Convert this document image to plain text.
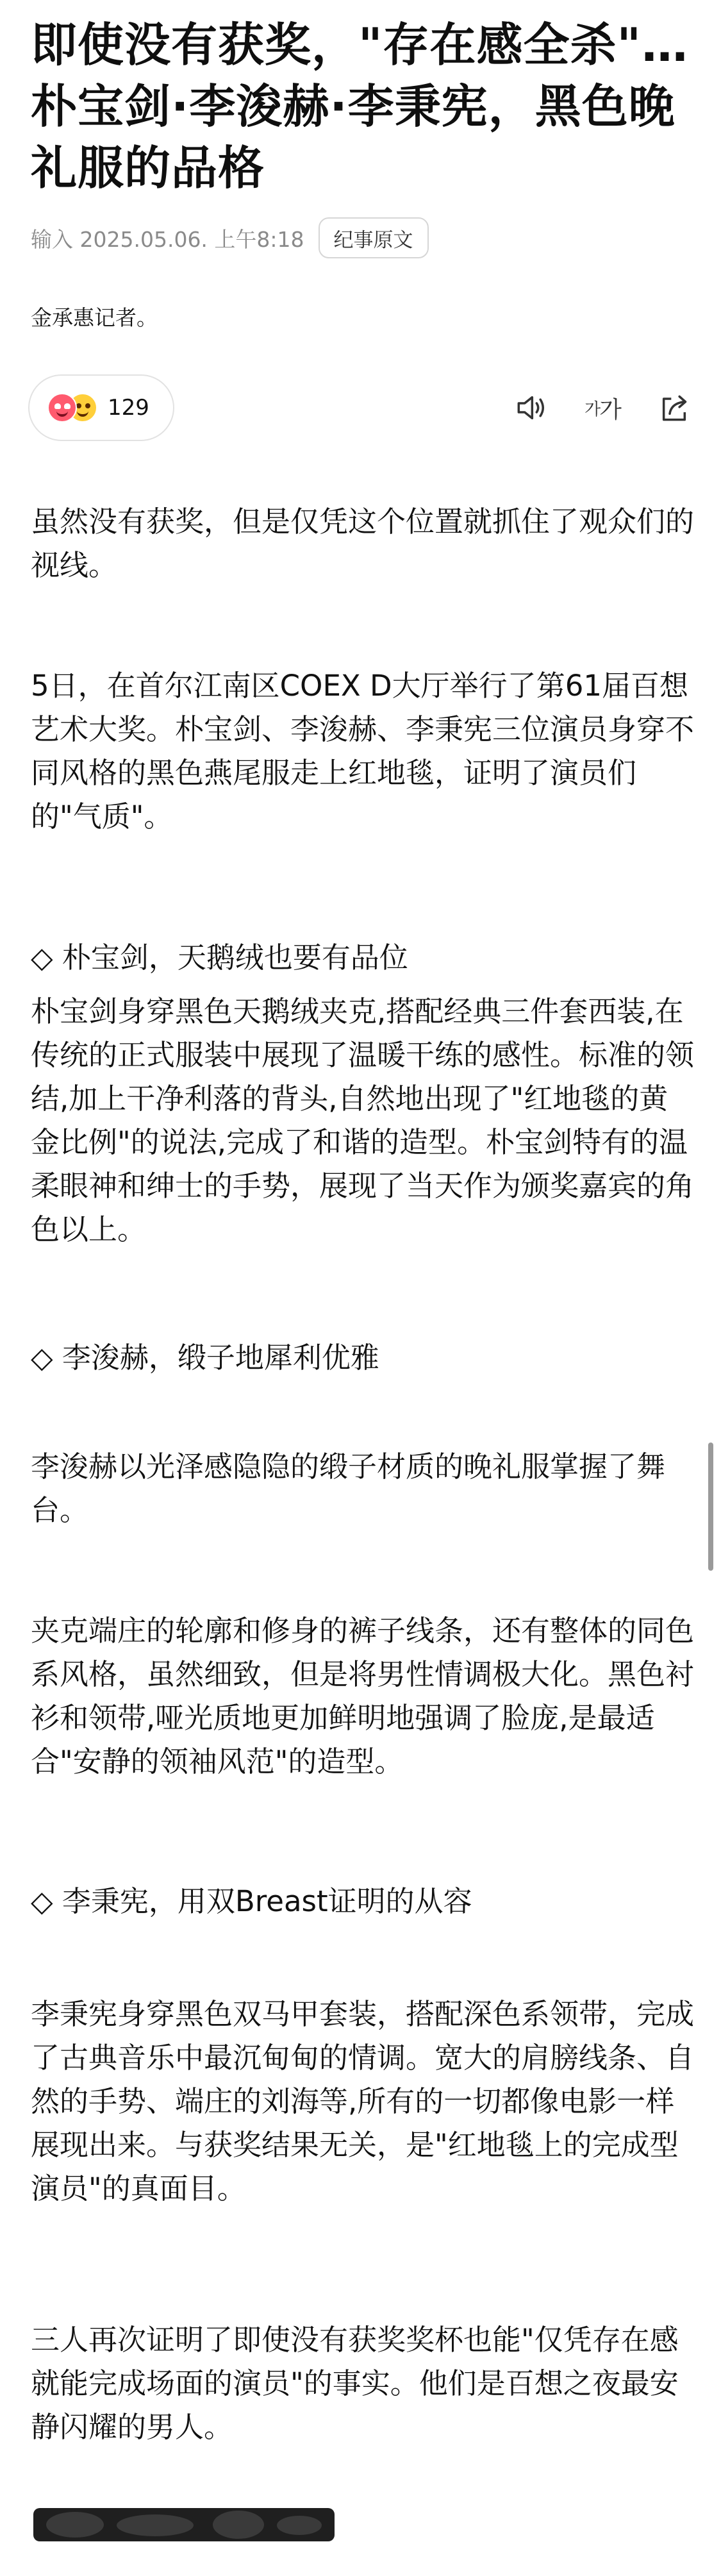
即使没有获奖，"存在感全杀"…朴宝剑·李浚赫·李秉宪，黑色晚礼服的品格
输入 2025.05.06. 上午8:18	纪事原文
金承惠记者。
129	가 가

虽然没有获奖，但是仅凭这个位置就抓住了观众们的视线。

5日，在首尔江南区COEX D大厅举行了第61届百想艺术大奖。朴宝剑、李浚赫、李秉宪三位演员身穿不同风格的黑色燕尾服走上红地毯，证明了演员们的"气质"。

◇ 朴宝剑，天鹅绒也要有品位

朴宝剑身穿黑色天鹅绒夹克,搭配经典三件套西装,在传统的正式服装中展现了温暖干练的感性。标准的领结,加上干净利落的背头,自然地出现了"红地毯的黄金比例"的说法,完成了和谐的造型。朴宝剑特有的温柔眼神和绅士的手势，展现了当天作为颁奖嘉宾的角色以上。

◇ 李浚赫，缎子地犀利优雅

李浚赫以光泽感隐隐的缎子材质的晚礼服掌握了舞台。

夹克端庄的轮廓和修身的裤子线条，还有整体的同色系风格，虽然细致，但是将男性情调极大化。黑色衬衫和领带,哑光质地更加鲜明地强调了脸庞,是最适合"安静的领袖风范"的造型。

◇ 李秉宪，用双Breast证明的从容

李秉宪身穿黑色双马甲套装，搭配深色系领带，完成了古典音乐中最沉甸甸的情调。宽大的肩膀线条、自然的手势、端庄的刘海等,所有的一切都像电影一样展现出来。与获奖结果无关，是"红地毯上的完成型演员"的真面目。

三人再次证明了即使没有获奖奖杯也能"仅凭存在感就能完成场面的演员"的事实。他们是百想之夜最安静闪耀的男人。
